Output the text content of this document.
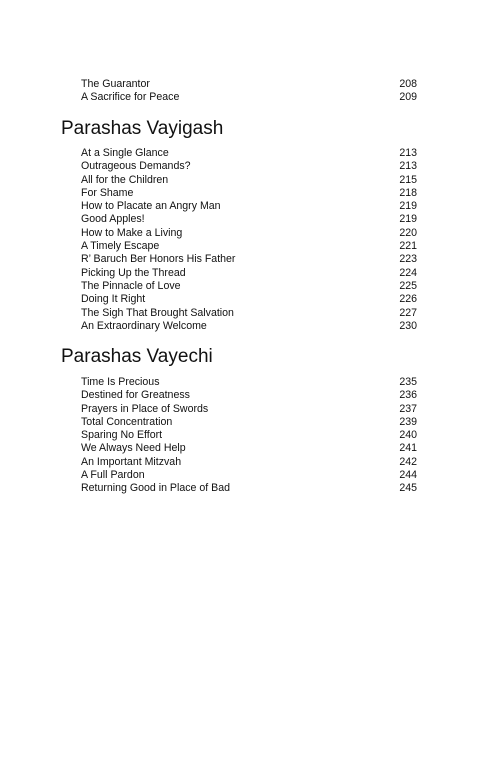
The Guarantor	208
A Sacrifice for Peace	209
Parashas Vayigash
At a Single Glance	213
Outrageous Demands?	213
All for the Children	215
For Shame	218
How to Placate an Angry Man	219
Good Apples!	219
How to Make a Living	220
A Timely Escape	221
R’ Baruch Ber Honors His Father	223
Picking Up the Thread	224
The Pinnacle of Love	225
Doing It Right	226
The Sigh That Brought Salvation	227
An Extraordinary Welcome	230
Parashas Vayechi
Time Is Precious	235
Destined for Greatness	236
Prayers in Place of Swords	237
Total Concentration	239
Sparing No Effort	240
We Always Need Help	241
An Important Mitzvah	242
A Full Pardon	244
Returning Good in Place of Bad	245
